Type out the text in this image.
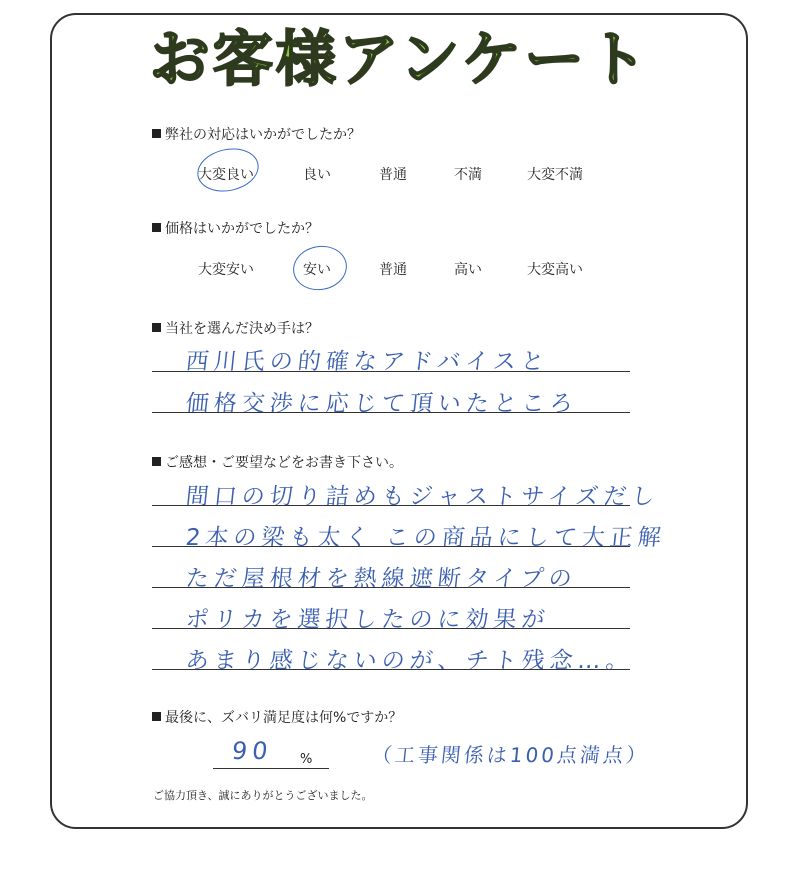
お客様アンケート
弊社の対応はいかがでしたか？
大変良い	良い	普通	不満	大変不満
価格はいかがでしたか？
大変安い	安い	普通	高い	大変高い
当社を選んだ決め手は？
西川氏の的確なアドバイスと
価格交渉に応じて頂いたところ
ご感想・ご要望などをお書き下さい。
間口の切り詰めもジャストサイズだし
2本の梁も太く この商品にして大正解
ただ屋根材を熱線遮断タイプの
ポリカを選択したのに効果が
あまり感じないのが、チト残念…。
最後に、ズバリ満足度は何%ですか？
90 %	（工事関係は100点満点）
ご協力頂き、誠にありがとうございました。
